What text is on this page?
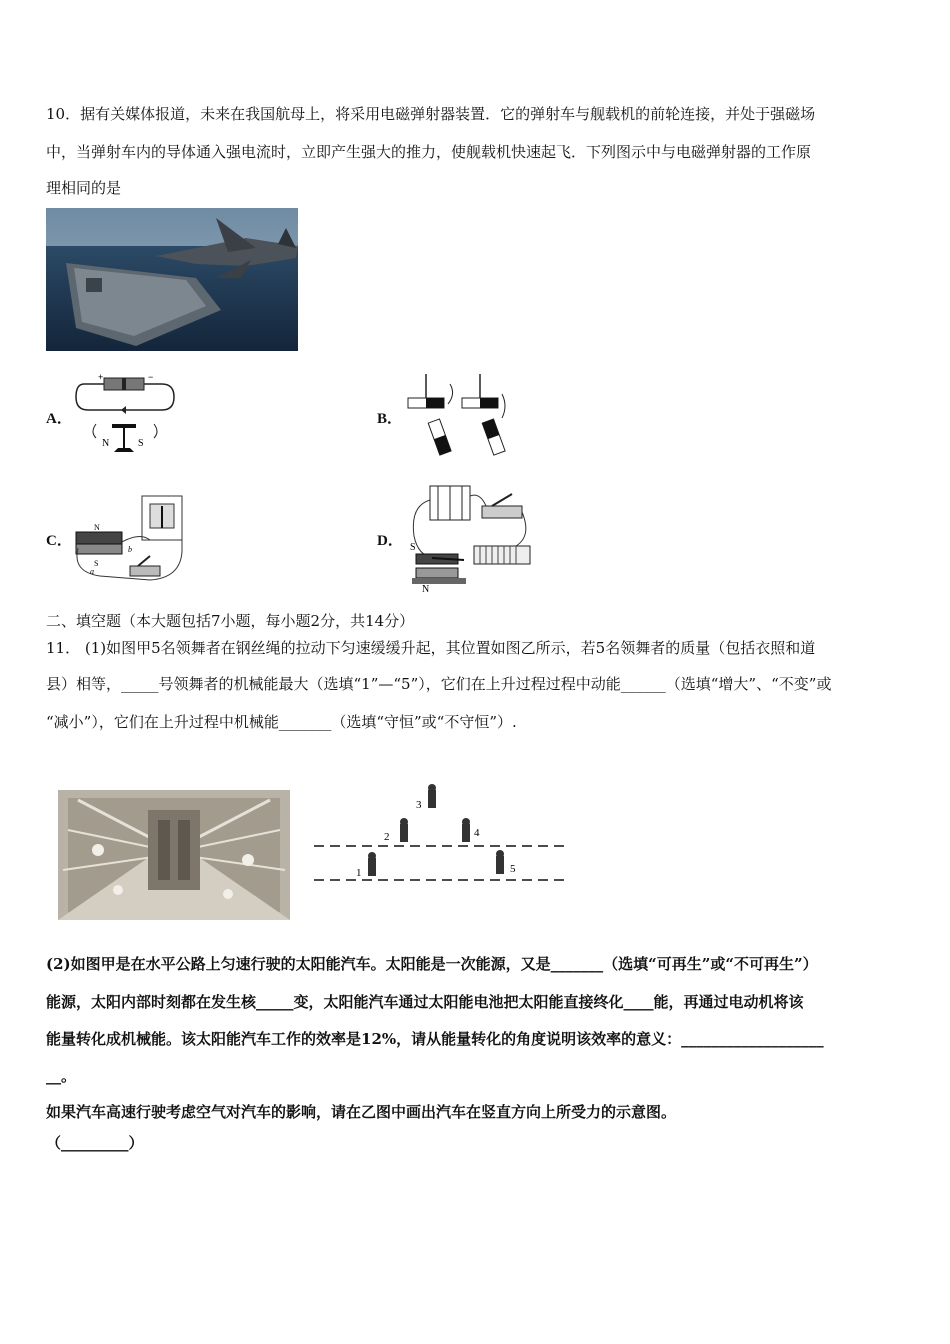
10．据有关媒体报道，未来在我国航母上，将采用电磁弹射器装置．它的弹射车与舰载机的前轮连接，并处于强磁场
中，当弹射车内的导体通入强电流时，立即产生强大的推力，使舰载机快速起飞．下列图示中与电磁弹射器的工作原
理相同的是
A．
+	−
N	S
B．
C．
N
S
b
a
D． S
N
二、填空题（本大题包括7小题，每小题2分，共14分）
11． (1)如图甲5名领舞者在钢丝绳的拉动下匀速缓缓升起，其位置如图乙所示，若5名领舞者的质量（包括衣照和道
县）相等，_____号领舞者的机械能最大（选填“1”—“5”），它们在上升过程过程中动能______（选填“增大”、“不变”或
“减小”），它们在上升过程中机械能_______（选填“守恒”或“不守恒”）.
3
2	4
1	5
(2)如图甲是在水平公路上匀速行驶的太阳能汽车。太阳能是一次能源，又是_______（选填“可再生”或“不可再生”）
能源，太阳内部时刻都在发生核_____变，太阳能汽车通过太阳能电池把太阳能直接终化____能，再通过电动机将该
能量转化成机械能。该太阳能汽车工作的效率是12%，请从能量转化的角度说明该效率的意义：___________________
__。
如果汽车高速行驶考虑空气对汽车的影响，请在乙图中画出汽车在竖直方向上所受力的示意图。
（_________）
